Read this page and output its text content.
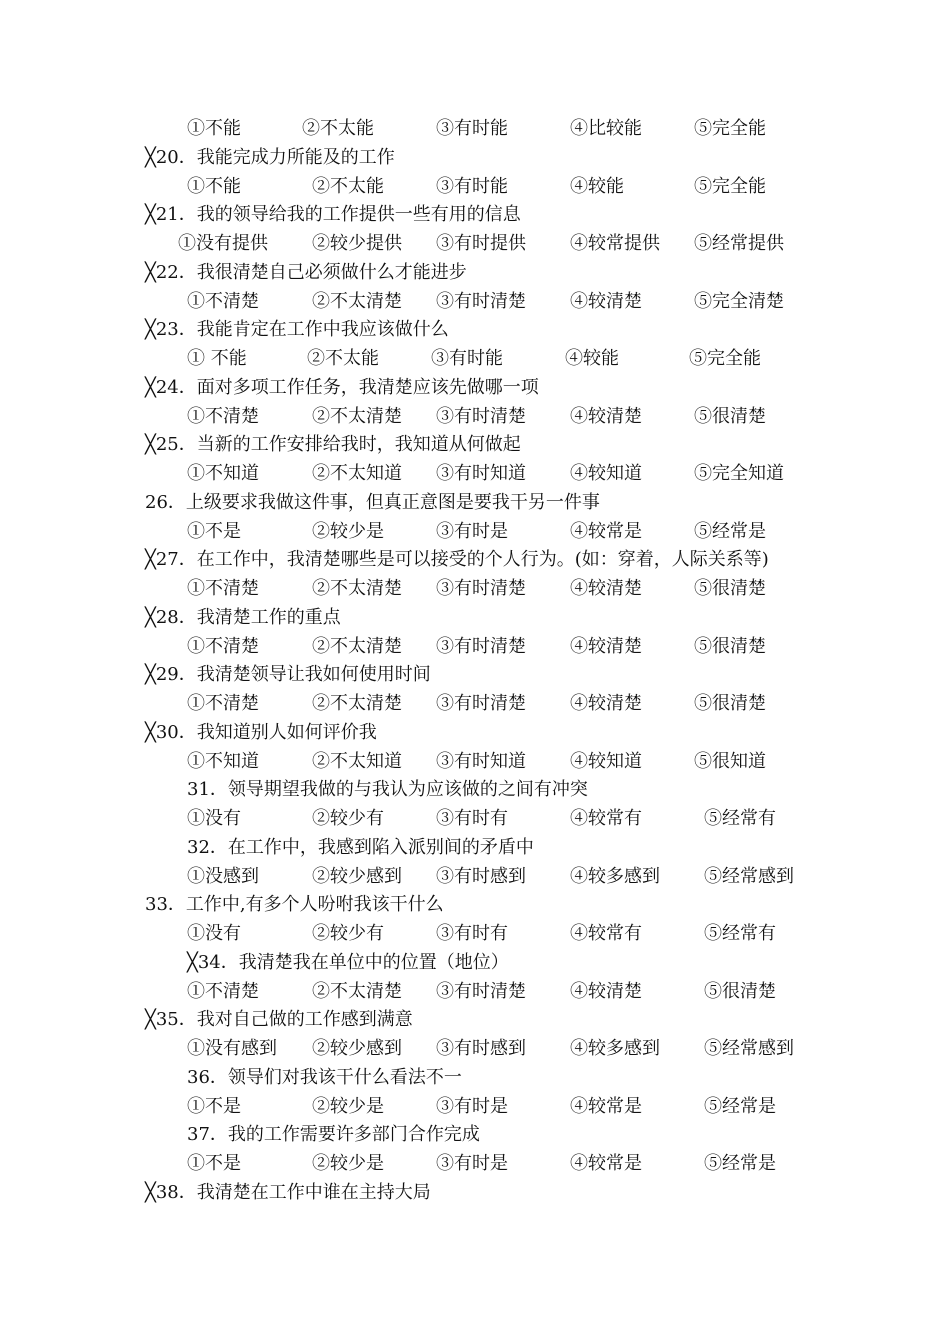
①不能	②不太能	③有时能	④比较能	⑤完全能
╳20．我能完成力所能及的工作
①不能	②不太能	③有时能	④较能	⑤完全能
╳21．我的领导给我的工作提供一些有用的信息
①没有提供 ②较少提供 ③有时提供 ④较常提供 ⑤经常提供
╳22．我很清楚自己必须做什么才能进步
①不清楚	②不太清楚 ③有时清楚 ④较清楚	⑤完全清楚
╳23．我能肯定在工作中我应该做什么
① 不能	②不太能	③有时能	④较能	⑤完全能
╳24．面对多项工作任务，我清楚应该先做哪一项
①不清楚	②不太清楚 ③有时清楚 ④较清楚	⑤很清楚
╳25．当新的工作安排给我时，我知道从何做起
①不知道	②不太知道 ③有时知道 ④较知道	⑤完全知道
26．上级要求我做这件事，但真正意图是要我干另一件事
①不是	②较少是	③有时是	④较常是	⑤经常是
╳27．在工作中，我清楚哪些是可以接受的个人行为。(如：穿着，人际关系等)
①不清楚	②不太清楚 ③有时清楚 ④较清楚	⑤很清楚
╳28．我清楚工作的重点
①不清楚	②不太清楚 ③有时清楚 ④较清楚	⑤很清楚
╳29．我清楚领导让我如何使用时间
①不清楚	②不太清楚 ③有时清楚 ④较清楚	⑤很清楚
╳30．我知道别人如何评价我
①不知道	②不太知道 ③有时知道 ④较知道	⑤很知道
31．领导期望我做的与我认为应该做的之间有冲突
①没有	②较少有	③有时有	④较常有	⑤经常有
32．在工作中，我感到陷入派别间的矛盾中
①没感到	②较少感到 ③有时感到 ④较多感到 ⑤经常感到
33．工作中,有多个人吩咐我该干什么
①没有	②较少有	③有时有	④较常有	⑤经常有
╳34．我清楚我在单位中的位置（地位）
①不清楚	②不太清楚 ③有时清楚 ④较清楚	⑤很清楚
╳35．我对自己做的工作感到满意
①没有感到 ②较少感到 ③有时感到 ④较多感到 ⑤经常感到
36．领导们对我该干什么看法不一
①不是	②较少是	③有时是	④较常是	⑤经常是
37．我的工作需要许多部门合作完成
①不是	②较少是	③有时是	④较常是	⑤经常是
╳38．我清楚在工作中谁在主持大局
